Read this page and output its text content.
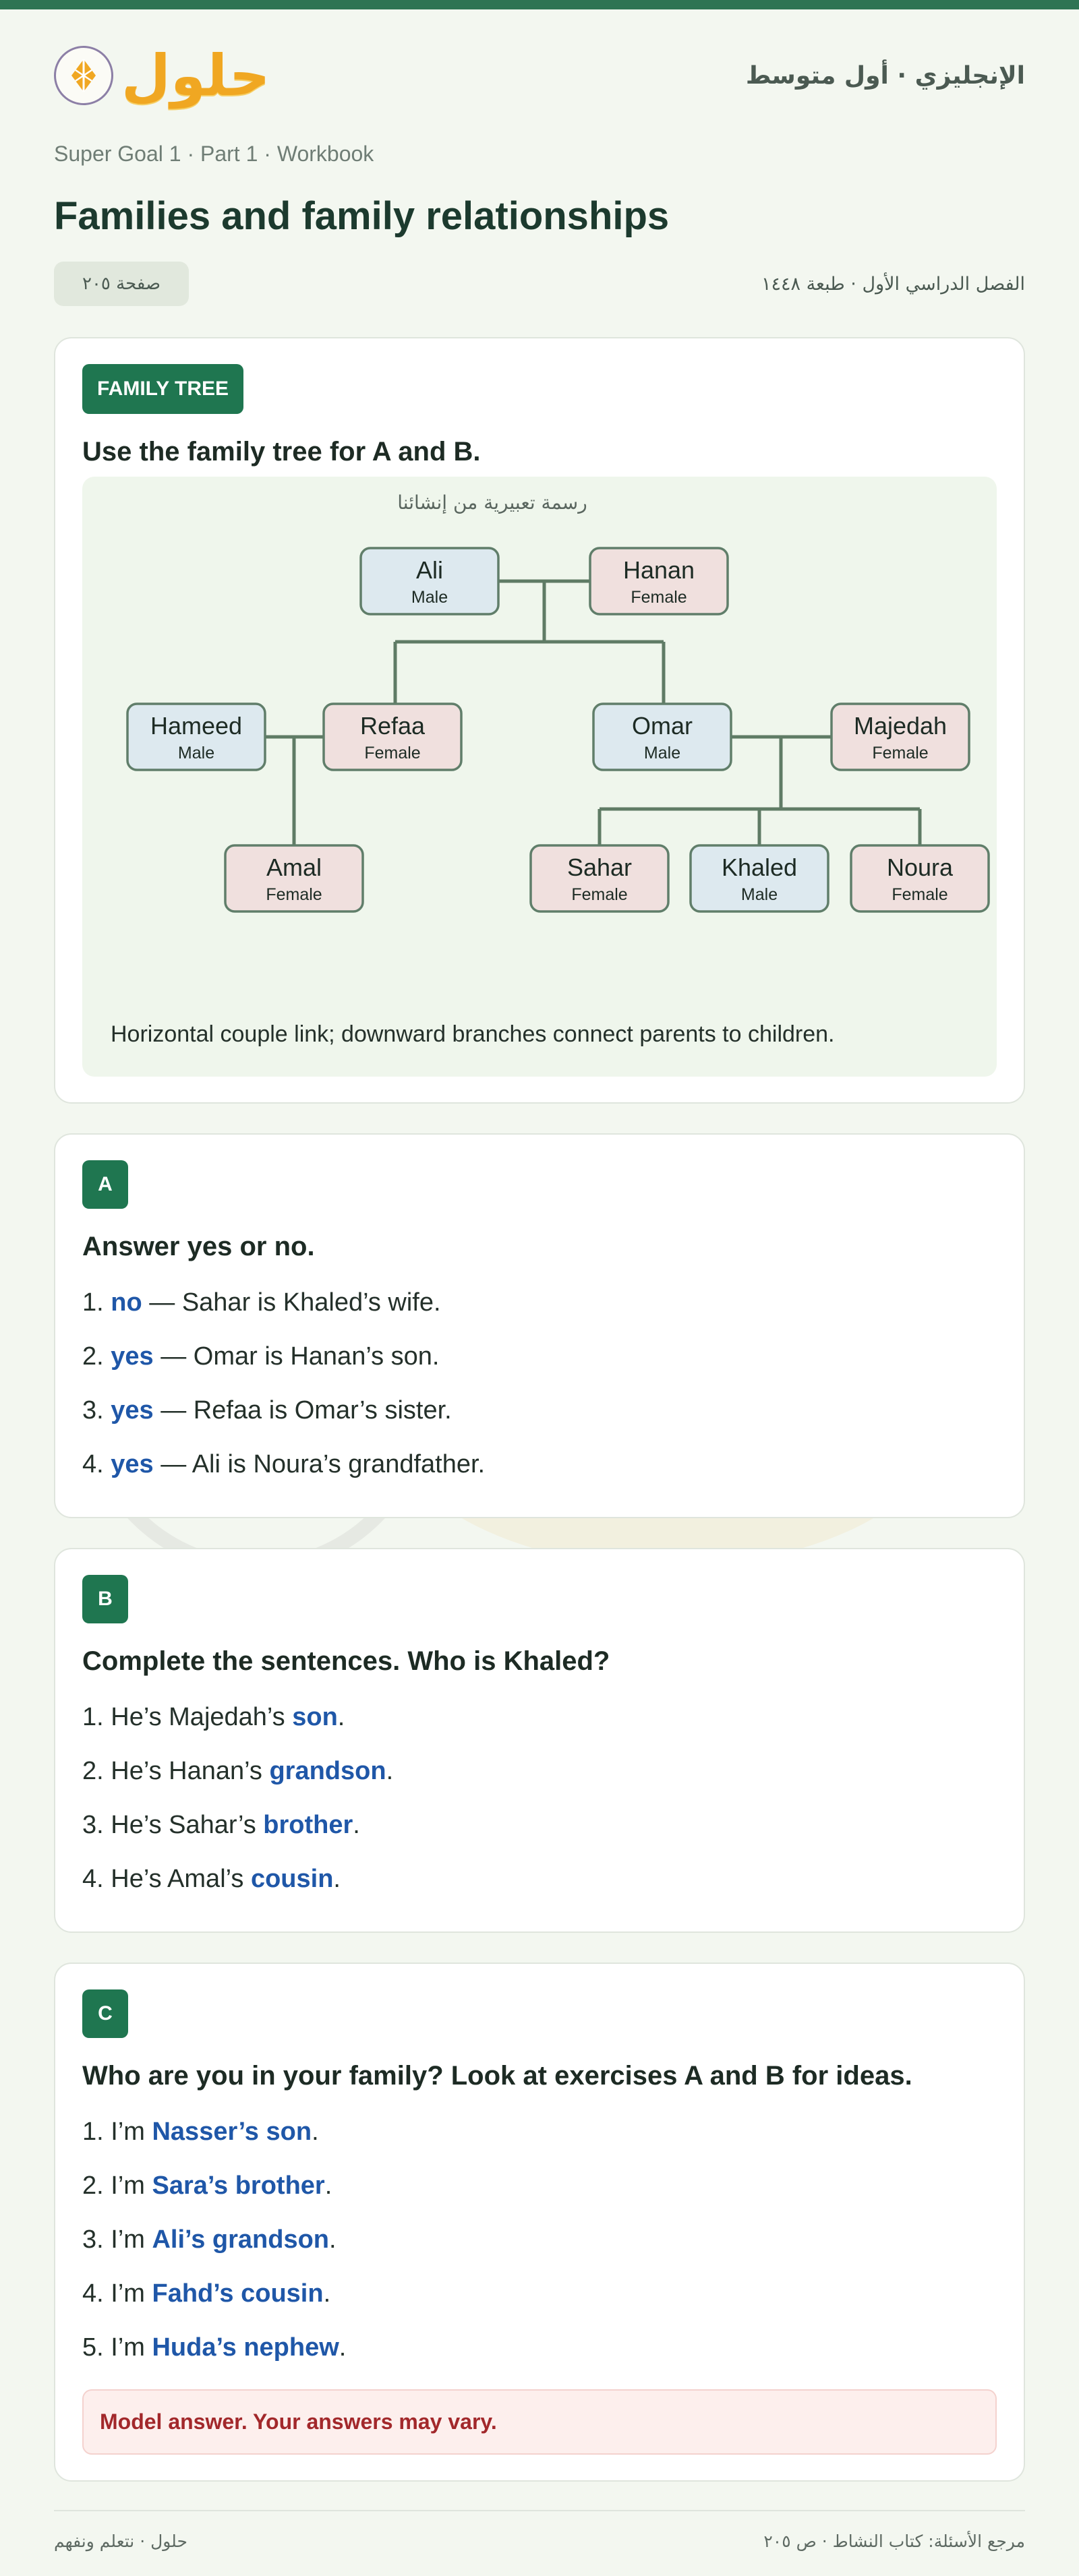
حلول	الإنجليزي · أول متوسط
Super Goal 1 · Part 1 · Workbook
Families and family relationships
صفحة ٢٠٥	الفصل الدراسي الأول · طبعة ١٤٤٨
FAMILY TREE
Use the family tree for A and B.
رسمة تعبيرية من إنشائنا
Ali
Male
Hanan
Female
Hameed
Male
Refaa
Female
Omar
Male
Majedah
Female
Amal
Female
Sahar
Female
Khaled
Male
Noura
Female
Horizontal couple link; downward branches connect parents to children.
A
Answer yes or no.
1. no — Sahar is Khaled’s wife.
2. yes — Omar is Hanan’s son.
3. yes — Refaa is Omar’s sister.
4. yes — Ali is Noura’s grandfather.
B
Complete the sentences. Who is Khaled?
1. He’s Majedah’s son.
2. He’s Hanan’s grandson.
3. He’s Sahar’s brother.
4. He’s Amal’s cousin.
C
Who are you in your family? Look at exercises A and B for ideas.
1. I’m Nasser’s son.
2. I’m Sara’s brother.
3. I’m Ali’s grandson.
4. I’m Fahd’s cousin.
5. I’m Huda’s nephew.
Model answer. Your answers may vary.
حلول · نتعلم ونفهم	مرجع الأسئلة: كتاب النشاط · ص ٢٠٥
